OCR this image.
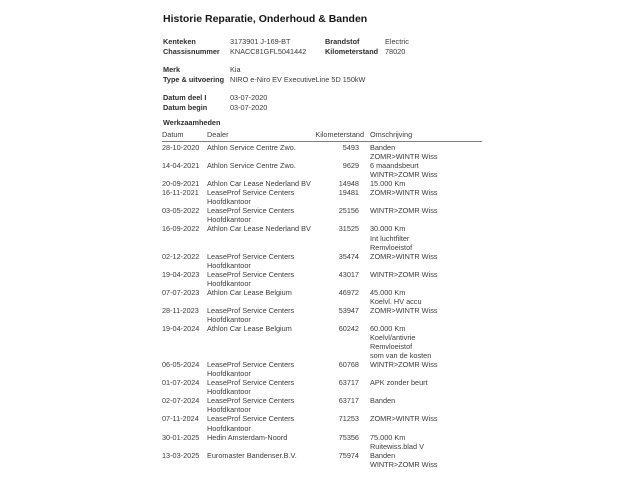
Historie Reparatie, Onderhoud & Banden
Kenteken	3173901 J-169-BT	Brandstof	Electric
Chassisnummer	KNACC81GFL5041442	Kilometerstand 78020
Merk	Kia
Type & uitvoering NIRO e-Niro EV ExecutiveLine 5D 150kW
Datum deel I	03-07-2020
Datum begin	03-07-2020
Werkzaamheden
Datum	Dealer	Kilometerstand Omschrijving
28-10-2020	Athlon Service Centre Zwo.	5493	Banden
ZOMR>WINTR Wiss
14-04-2021	Athlon Service Centre Zwo.	9629	6 maandsbeurt
WINTR>ZOMR Wiss
20-09-2021	Athlon Car Lease Nederland BV	14948	15.000 Km
16-11-2021	LeaseProf Service Centers
Hoofdkantoor
19481	ZOMR>WINTR Wiss
03-05-2022	LeaseProf Service Centers
Hoofdkantoor
25156	WINTR>ZOMR Wiss
16-09-2022	Athlon Car Lease Nederland BV	31525	30.000 Km
Int luchtfilter
Remvloeistof
02-12-2022	LeaseProf Service Centers
Hoofdkantoor
35474	ZOMR>WINTR Wiss
19-04-2023	LeaseProf Service Centers
Hoofdkantoor
43017	WINTR>ZOMR Wiss
07-07-2023	Athlon Car Lease Belgium	46972	45.000 Km
Koelvl. HV accu
28-11-2023	LeaseProf Service Centers
Hoofdkantoor
53947	ZOMR>WINTR Wiss
19-04-2024	Athlon Car Lease Belgium	60242	60.000 Km
Koelvl/antivrie
Remvloeistof
som van de kosten
06-05-2024	LeaseProf Service Centers
Hoofdkantoor
60768	WINTR>ZOMR Wiss
01-07-2024	LeaseProf Service Centers
Hoofdkantoor
63717	APK zonder beurt
02-07-2024	LeaseProf Service Centers
Hoofdkantoor
63717	Banden
07-11-2024	LeaseProf Service Centers
Hoofdkantoor
71253	ZOMR>WINTR Wiss
30-01-2025	Hedin Amsterdam-Noord	75356	75.000 Km
Ruitewiss.blad V
13-03-2025	Euromaster Bandenser.B.V.	75974	Banden
WINTR>ZOMR Wiss
